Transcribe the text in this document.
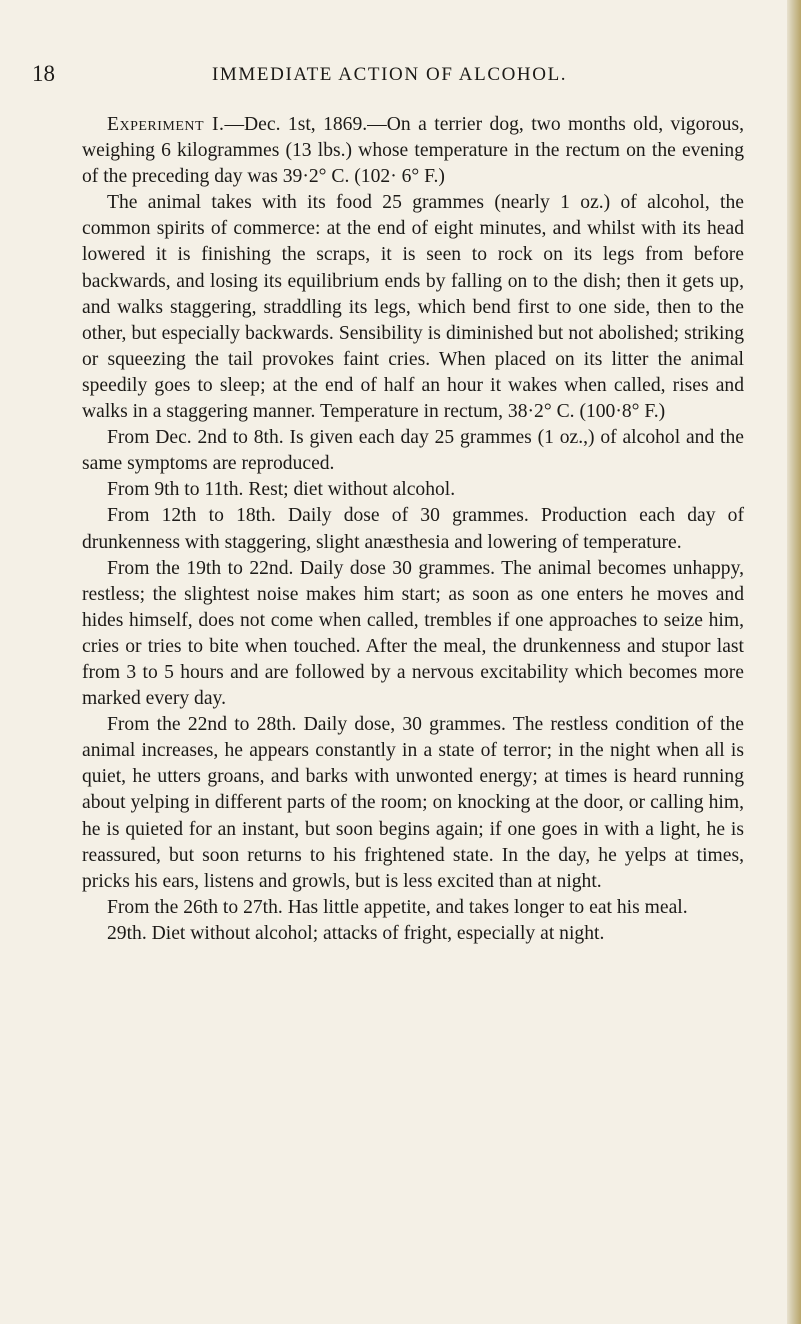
18	IMMEDIATE ACTION OF ALCOHOL.

Experiment I.—Dec. 1st, 1869.—On a terrier dog, two months old, vigorous, weighing 6 kilogrammes (13 lbs.) whose temperature in the rectum on the evening of the preceding day was 39·2° C. (102· 6° F.)

The animal takes with its food 25 grammes (nearly 1 oz.) of alcohol, the common spirits of commerce: at the end of eight minutes, and whilst with its head lowered it is finishing the scraps, it is seen to rock on its legs from before backwards, and losing its equilibrium ends by falling on to the dish; then it gets up, and walks staggering, straddling its legs, which bend first to one side, then to the other, but especially backwards. Sensibility is diminished but not abolished; striking or squeezing the tail provokes faint cries. When placed on its litter the animal speedily goes to sleep; at the end of half an hour it wakes when called, rises and walks in a staggering manner. Temperature in rectum, 38·2° C. (100·8° F.)

From Dec. 2nd to 8th. Is given each day 25 grammes (1 oz.,) of alcohol and the same symptoms are reproduced.

From 9th to 11th. Rest; diet without alcohol.

From 12th to 18th. Daily dose of 30 grammes. Production each day of drunkenness with staggering, slight anæsthesia and lowering of temperature.

From the 19th to 22nd. Daily dose 30 grammes. The animal becomes unhappy, restless; the slightest noise makes him start; as soon as one enters he moves and hides himself, does not come when called, trembles if one approaches to seize him, cries or tries to bite when touched. After the meal, the drunkenness and stupor last from 3 to 5 hours and are followed by a nervous excitability which becomes more marked every day.

From the 22nd to 28th. Daily dose, 30 grammes. The restless condition of the animal increases, he appears constantly in a state of terror; in the night when all is quiet, he utters groans, and barks with unwonted energy; at times is heard running about yelping in different parts of the room; on knocking at the door, or calling him, he is quieted for an instant, but soon begins again; if one goes in with a light, he is reassured, but soon returns to his frightened state. In the day, he yelps at times, pricks his ears, listens and growls, but is less excited than at night.

From the 26th to 27th. Has little appetite, and takes longer to eat his meal.

29th. Diet without alcohol; attacks of fright, especially at night.
